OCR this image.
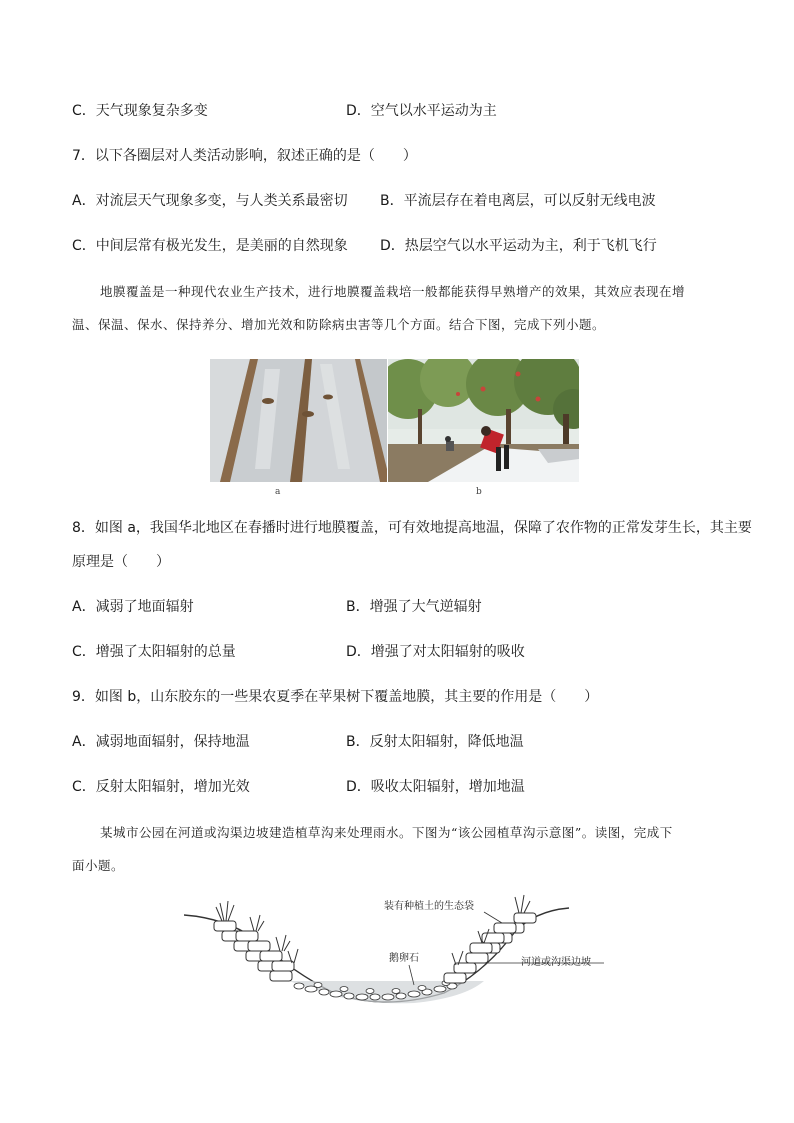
C．天气现象复杂多变	D．空气以水平运动为主
7．以下各圈层对人类活动影响，叙述正确的是（　　）
A．对流层天气现象多变，与人类关系最密切 B．平流层存在着电离层，可以反射无线电波
C．中间层常有极光发生，是美丽的自然现象 D．热层空气以水平运动为主，利于飞机飞行
地膜覆盖是一种现代农业生产技术，进行地膜覆盖栽培一般都能获得早熟增产的效果，其效应表现在增
温、保温、保水、保持养分、增加光效和防除病虫害等几个方面。结合下图，完成下列小题。
a	b
8．如图 a，我国华北地区在春播时进行地膜覆盖，可有效地提高地温，保障了农作物的正常发芽生长，其主要
原理是（　　）
A．减弱了地面辐射	B．增强了大气逆辐射
C．增强了太阳辐射的总量	D．增强了对太阳辐射的吸收
9．如图 b，山东胶东的一些果农夏季在苹果树下覆盖地膜，其主要的作用是（　　）
A．减弱地面辐射，保持地温	B．反射太阳辐射，降低地温
C．反射太阳辐射，增加光效	D．吸收太阳辐射，增加地温
某城市公园在河道或沟渠边坡建造植草沟来处理雨水。下图为“该公园植草沟示意图”。读图，完成下
面小题。
装有种植土的生态袋
鹅卵石	河道或沟渠边坡
